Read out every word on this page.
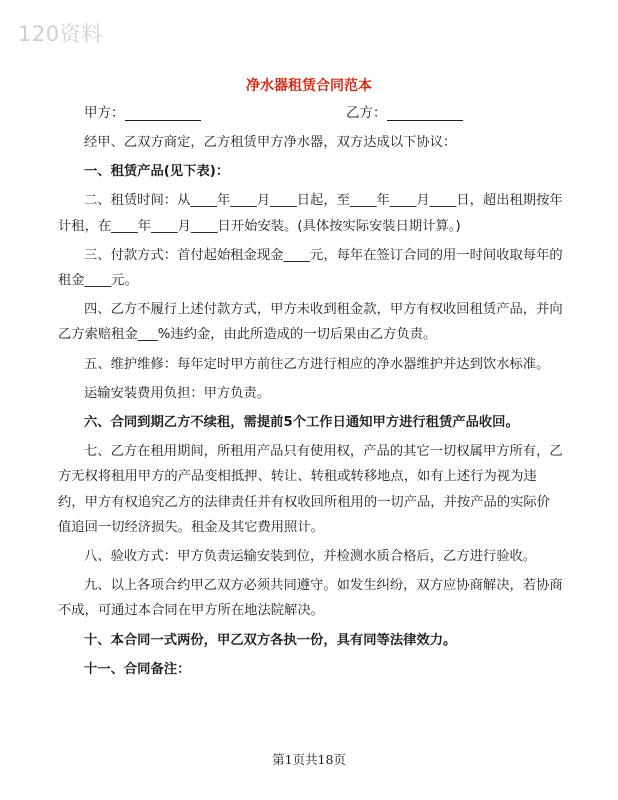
120资料
净水器租赁合同范本
甲方：	乙方：

经甲、乙双方商定，乙方租赁甲方净水器，双方达成以下协议：

一、租赁产品(见下表)：

二、租赁时间：从____年____月____日起，至____年____月____日，超出租期按年计租，在____年____月____日开始安装。(具体按实际安装日期计算。)

三、付款方式：首付起始租金现金____元，每年在签订合同的用一时间收取每年的租金____元。

四、乙方不履行上述付款方式，甲方未收到租金款，甲方有权收回租赁产品，并向乙方索赔租金___%违约金，由此所造成的一切后果由乙方负责。

五、维护维修：每年定时甲方前往乙方进行相应的净水器维护并达到饮水标准。

运输安装费用负担：甲方负责。

六、合同到期乙方不续租，需提前5个工作日通知甲方进行租赁产品收回。

七、乙方在租用期间，所租用产品只有使用权，产品的其它一切权属甲方所有，乙方无权将租用甲方的产品变相抵押、转让、转租或转移地点，如有上述行为视为违约，甲方有权追究乙方的法律责任并有权收回所租用的一切产品，并按产品的实际价值追回一切经济损失。租金及其它费用照计。

八、验收方式：甲方负责运输安装到位，并检测水质合格后，乙方进行验收。

九、以上各项合约甲乙双方必须共同遵守。如发生纠纷，双方应协商解决，若协商不成，可通过本合同在甲方所在地法院解决。

十、本合同一式两份，甲乙双方各执一份，具有同等法律效力。

十一、合同备注：

第1页共18页
